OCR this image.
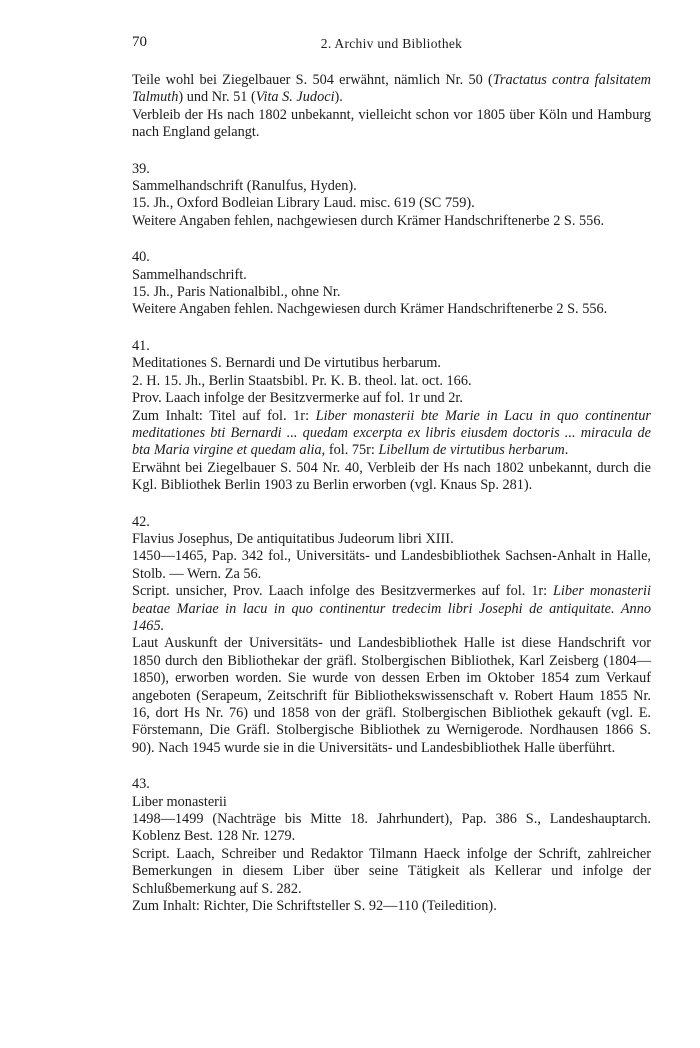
70	2. Archiv und Bibliothek

Teile wohl bei Ziegelbauer S. 504 erwähnt, nämlich Nr. 50 (Tractatus contra falsitatem Talmuth) und Nr. 51 (Vita S. Judoci).

Verbleib der Hs nach 1802 unbekannt, vielleicht schon vor 1805 über Köln und Hamburg nach England gelangt.

39.

Sammelhandschrift (Ranulfus, Hyden).

15. Jh., Oxford Bodleian Library Laud. misc. 619 (SC 759).

Weitere Angaben fehlen, nachgewiesen durch Krämer Handschriftenerbe 2 S. 556.

40.

Sammelhandschrift.

15. Jh., Paris Nationalbibl., ohne Nr.

Weitere Angaben fehlen. Nachgewiesen durch Krämer Handschriftenerbe 2 S. 556.

41.

Meditationes S. Bernardi und De virtutibus herbarum.

2. H. 15. Jh., Berlin Staatsbibl. Pr. K. B. theol. lat. oct. 166.

Prov. Laach infolge der Besitzvermerke auf fol. 1r und 2r.

Zum Inhalt: Titel auf fol. 1r: Liber monasterii bte Marie in Lacu in quo continentur meditationes bti Bernardi ... quedam excerpta ex libris eiusdem doctoris ... miracula de bta Maria virgine et quedam alia, fol. 75r: Libellum de virtutibus herbarum.

Erwähnt bei Ziegelbauer S. 504 Nr. 40, Verbleib der Hs nach 1802 unbekannt, durch die Kgl. Bibliothek Berlin 1903 zu Berlin erworben (vgl. Knaus Sp. 281).

42.

Flavius Josephus, De antiquitatibus Judeorum libri XIII.

1450—1465, Pap. 342 fol., Universitäts- und Landesbibliothek Sachsen-Anhalt in Halle, Stolb. — Wern. Za 56.

Script. unsicher, Prov. Laach infolge des Besitzvermerkes auf fol. 1r: Liber monasterii beatae Mariae in lacu in quo continentur tredecim libri Josephi de antiquitate. Anno 1465.

Laut Auskunft der Universitäts- und Landesbibliothek Halle ist diese Handschrift vor 1850 durch den Bibliothekar der gräfl. Stolbergischen Bibliothek, Karl Zeisberg (1804—1850), erworben worden. Sie wurde von dessen Erben im Oktober 1854 zum Verkauf angeboten (Serapeum, Zeitschrift für Bibliothekswissenschaft v. Robert Haum 1855 Nr. 16, dort Hs Nr. 76) und 1858 von der gräfl. Stolbergischen Bibliothek gekauft (vgl. E. Förstemann, Die Gräfl. Stolbergische Bibliothek zu Wernigerode. Nordhausen 1866 S. 90). Nach 1945 wurde sie in die Universitäts- und Landesbibliothek Halle überführt.

43.

Liber monasterii

1498—1499 (Nachträge bis Mitte 18. Jahrhundert), Pap. 386 S., Landeshauptarch. Koblenz Best. 128 Nr. 1279.

Script. Laach, Schreiber und Redaktor Tilmann Haeck infolge der Schrift, zahlreicher Bemerkungen in diesem Liber über seine Tätigkeit als Kellerar und infolge der Schlußbemerkung auf S. 282.

Zum Inhalt: Richter, Die Schriftsteller S. 92—110 (Teiledition).
